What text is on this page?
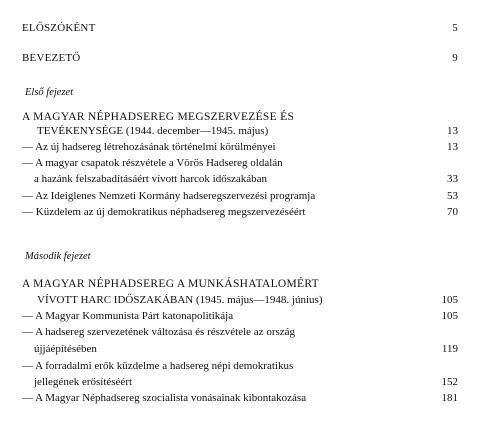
ELŐSZÓKÉNT	5
BEVEZETŐ	9
Első fejezet
A MAGYAR NÉPHADSEREG MEGSZERVEZÉSE ÉS
TEVÉKENYSÉGE (1944. december—1945. május)	13
— Az új hadsereg létrehozásának történelmi körülményei	13
— A magyar csapatok részvétele a Vörös Hadsereg oldalán
a hazánk felszabadításáért vívott harcok időszakában	33
— Az Ideiglenes Nemzeti Kormány hadseregszervezési programja	53
— Küzdelem az új demokratikus néphadsereg megszervezéséért	70
Második fejezet
A MAGYAR NÉPHADSEREG A MUNKÁSHATALOMÉRT
VÍVOTT HARC IDŐSZAKÁBAN (1945. május—1948. június)	105
— A Magyar Kommunista Párt katonapolitikája	105
— A hadsereg szervezetének változása és részvétele az ország
újjáépítésében	119
— A forradalmi erők küzdelme a hadsereg népi demokratikus
jellegének erősítéséért	152
— A Magyar Néphadsereg szocialista vonásainak kibontakozása	181
